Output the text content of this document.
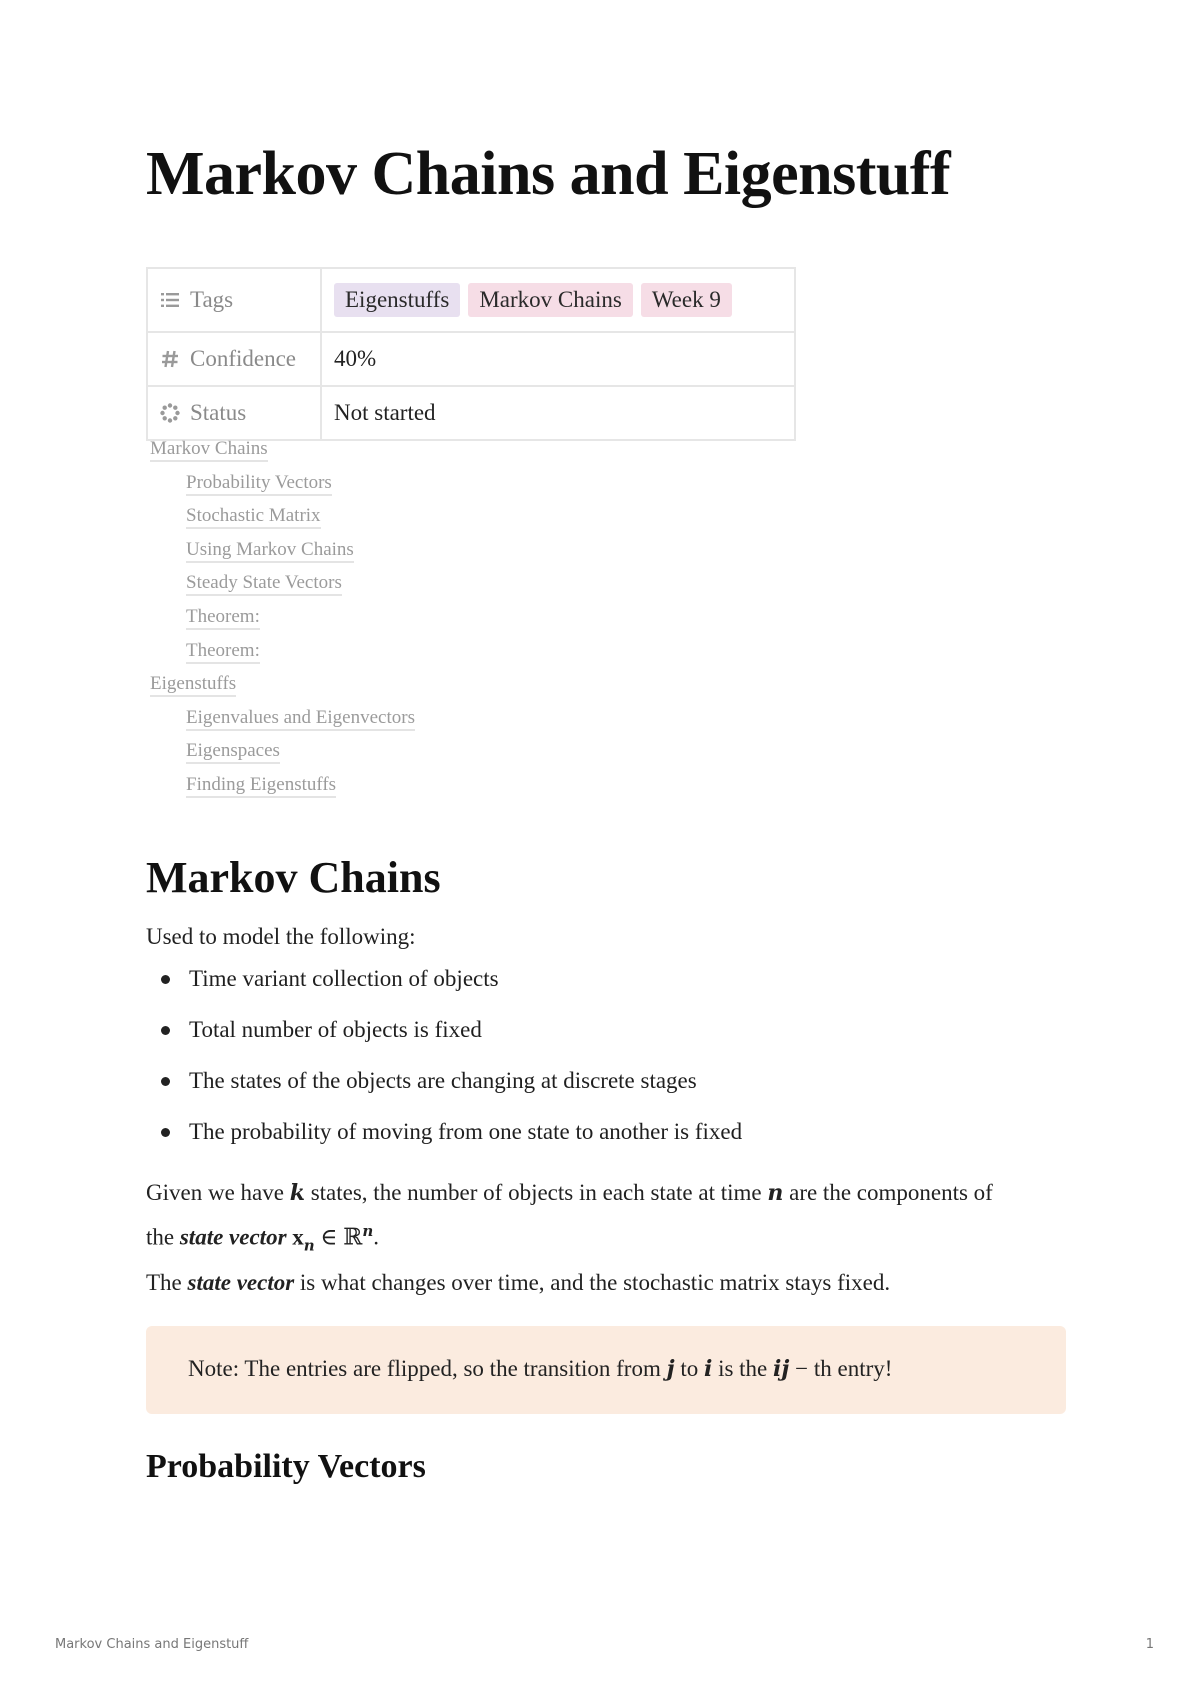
Markov Chains and Eigenstuff
Tags	Eigenstuffs Markov Chains Week 9

Confidence	40%

Status	Not started
Markov Chains
Probability Vectors
Stochastic Matrix
Using Markov Chains
Steady State Vectors
Theorem:
Theorem:
Eigenstuffs
Eigenvalues and Eigenvectors
Eigenspaces
Finding Eigenstuffs
Markov Chains
Used to model the following:
Time variant collection of objects
Total number of objects is fixed
The states of the objects are changing at discrete stages
The probability of moving from one state to another is fixed
Given we have k states, the number of objects in each state at time n are the components of
the state vector $x_n$ ∈ ℝ$^n$.
The state vector is what changes over time, and the stochastic matrix stays fixed.
Note: The entries are flipped, so the transition from j to i is the ij − th entry!
Probability Vectors
Markov Chains and Eigenstuff	1
